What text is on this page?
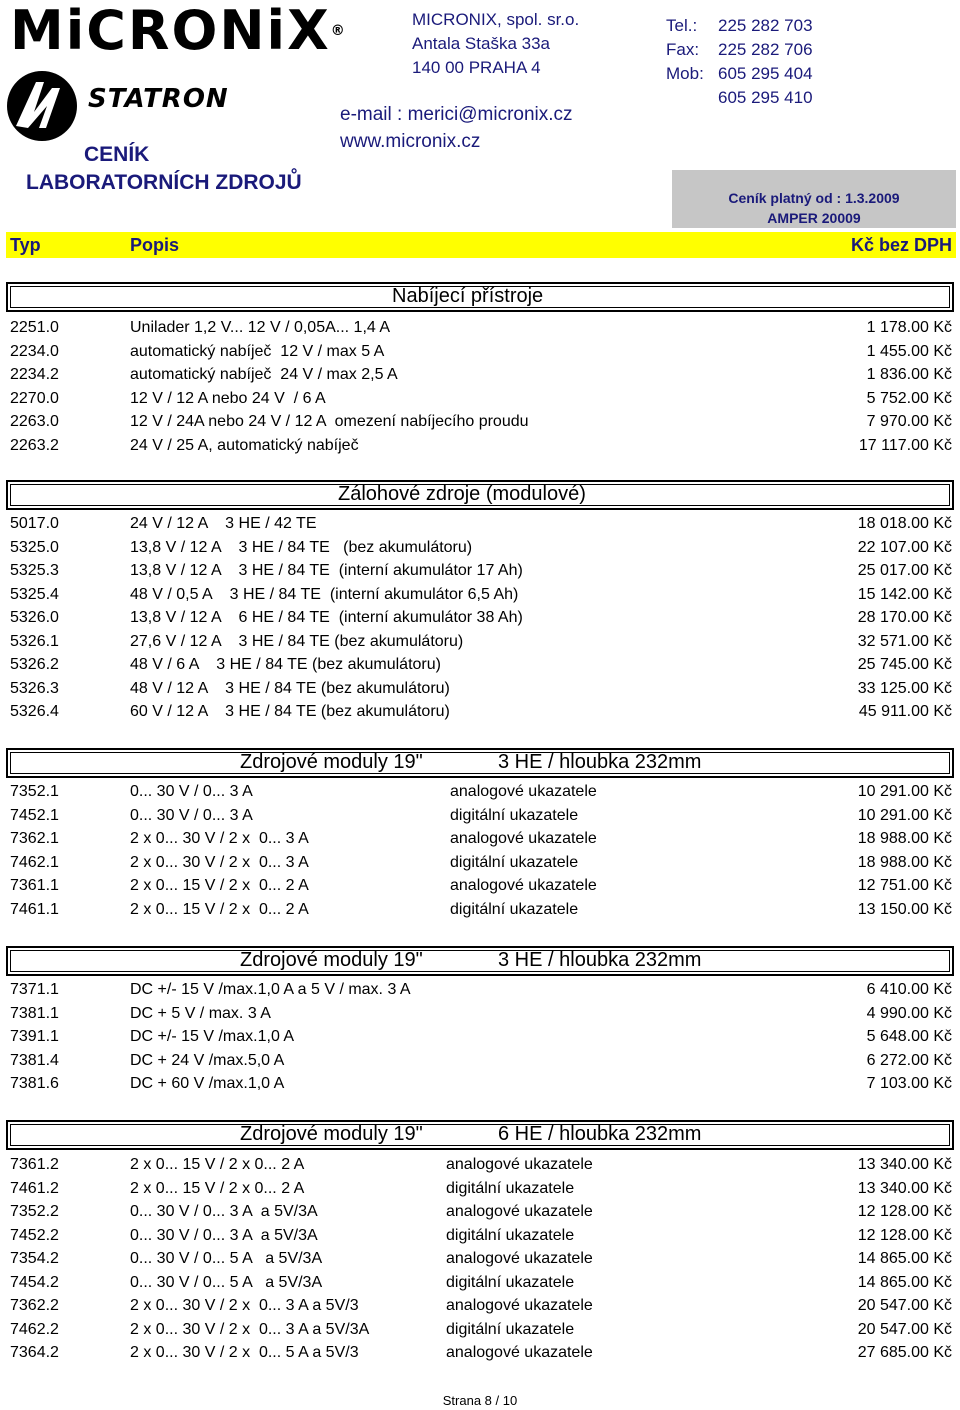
MiCRONiX®
STATRON
MICRONIX, spol. sr.o.
Antala Staška 33a
140 00 PRAHA 4
e-mail : merici@micronix.cz
www.micronix.cz
Tel.: 225 282 703
Fax: 225 282 706
Mob: 605 295 404
605 295 410
CENÍK
LABORATORNÍCH ZDROJŮ
Ceník platný od : 1.3.2009
AMPER 20009
Typ	Popis	Kč bez DPH
Nabíjecí přístroje
2251.0	Unilader 1,2 V... 12 V / 0,05A... 1,4 A	1 178.00 Kč
2234.0	automatický nabíječ  12 V / max 5 A	1 455.00 Kč
2234.2	automatický nabíječ  24 V / max 2,5 A	1 836.00 Kč
2270.0	12 V / 12 A nebo 24 V  / 6 A	5 752.00 Kč
2263.0	12 V / 24A nebo 24 V / 12 A  omezení nabíjecího proudu	7 970.00 Kč
2263.2	24 V / 25 A, automatický nabíječ	17 117.00 Kč
Zálohové zdroje (modulové)
5017.0	24 V / 12 A    3 HE / 42 TE	18 018.00 Kč
5325.0	13,8 V / 12 A    3 HE / 84 TE   (bez akumulátoru)	22 107.00 Kč
5325.3	13,8 V / 12 A    3 HE / 84 TE  (interní akumulátor 17 Ah)	25 017.00 Kč
5325.4	48 V / 0,5 A    3 HE / 84 TE  (interní akumulátor 6,5 Ah)	15 142.00 Kč
5326.0	13,8 V / 12 A    6 HE / 84 TE  (interní akumulátor 38 Ah)	28 170.00 Kč
5326.1	27,6 V / 12 A    3 HE / 84 TE (bez akumulátoru)	32 571.00 Kč
5326.2	48 V / 6 A    3 HE / 84 TE (bez akumulátoru)	25 745.00 Kč
5326.3	48 V / 12 A    3 HE / 84 TE (bez akumulátoru)	33 125.00 Kč
5326.4	60 V / 12 A    3 HE / 84 TE (bez akumulátoru)	45 911.00 Kč
Zdrojové moduly 19"	3 HE / hloubka 232mm
7352.1	0... 30 V / 0... 3 A	analogové ukazatele	10 291.00 Kč
7452.1	0... 30 V / 0... 3 A	digitální ukazatele	10 291.00 Kč
7362.1	2 x 0... 30 V / 2 x  0... 3 A	analogové ukazatele	18 988.00 Kč
7462.1	2 x 0... 30 V / 2 x  0... 3 A	digitální ukazatele	18 988.00 Kč
7361.1	2 x 0... 15 V / 2 x  0... 2 A	analogové ukazatele	12 751.00 Kč
7461.1	2 x 0... 15 V / 2 x  0... 2 A	digitální ukazatele	13 150.00 Kč
Zdrojové moduly 19"	3 HE / hloubka 232mm
7371.1	DC +/- 15 V /max.1,0 A a 5 V / max. 3 A	6 410.00 Kč
7381.1	DC + 5 V / max. 3 A	4 990.00 Kč
7391.1	DC +/- 15 V /max.1,0 A	5 648.00 Kč
7381.4	DC + 24 V /max.5,0 A	6 272.00 Kč
7381.6	DC + 60 V /max.1,0 A	7 103.00 Kč
Zdrojové moduly 19"	6 HE / hloubka 232mm
7361.2	2 x 0... 15 V / 2 x 0... 2 A	analogové ukazatele	13 340.00 Kč
7461.2	2 x 0... 15 V / 2 x 0... 2 A	digitální ukazatele	13 340.00 Kč
7352.2	0... 30 V / 0... 3 A  a 5V/3A	analogové ukazatele	12 128.00 Kč
7452.2	0... 30 V / 0... 3 A  a 5V/3A	digitální ukazatele	12 128.00 Kč
7354.2	0... 30 V / 0... 5 A   a 5V/3A	analogové ukazatele	14 865.00 Kč
7454.2	0... 30 V / 0... 5 A   a 5V/3A	digitální ukazatele	14 865.00 Kč
7362.2	2 x 0... 30 V / 2 x  0... 3 A a 5V/3	analogové ukazatele	20 547.00 Kč
7462.2	2 x 0... 30 V / 2 x  0... 3 A a 5V/3A	digitální ukazatele	20 547.00 Kč
7364.2	2 x 0... 30 V / 2 x  0... 5 A a 5V/3	analogové ukazatele	27 685.00 Kč
Strana 8 / 10
